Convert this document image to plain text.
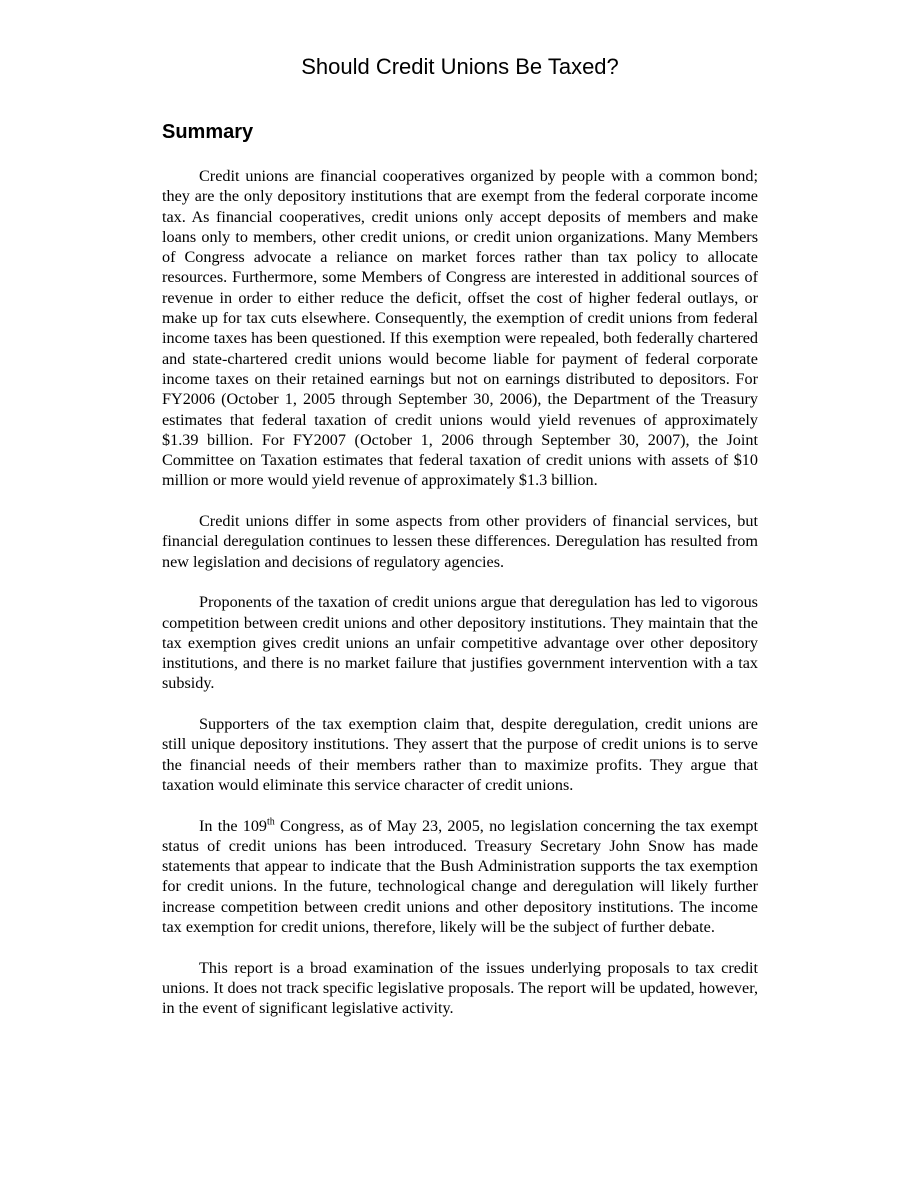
Should Credit Unions Be Taxed?
Summary

Credit unions are financial cooperatives organized by people with a common bond; they are the only depository institutions that are exempt from the federal corporate income tax. As financial cooperatives, credit unions only accept deposits of members and make loans only to members, other credit unions, or credit union organizations. Many Members of Congress advocate a reliance on market forces rather than tax policy to allocate resources. Furthermore, some Members of Congress are interested in additional sources of revenue in order to either reduce the deficit, offset the cost of higher federal outlays, or make up for tax cuts elsewhere. Consequently, the exemption of credit unions from federal income taxes has been questioned. If this exemption were repealed, both federally chartered and state-chartered credit unions would become liable for payment of federal corporate income taxes on their retained earnings but not on earnings distributed to depositors. For FY2006 (October 1, 2005 through September 30, 2006), the Department of the Treasury estimates that federal taxation of credit unions would yield revenues of approximately $1.39 billion. For FY2007 (October 1, 2006 through September 30, 2007), the Joint Committee on Taxation estimates that federal taxation of credit unions with assets of $10 million or more would yield revenue of approximately $1.3 billion.

Credit unions differ in some aspects from other providers of financial services, but financial deregulation continues to lessen these differences. Deregulation has resulted from new legislation and decisions of regulatory agencies.

Proponents of the taxation of credit unions argue that deregulation has led to vigorous competition between credit unions and other depository institutions. They maintain that the tax exemption gives credit unions an unfair competitive advantage over other depository institutions, and there is no market failure that justifies government intervention with a tax subsidy.

Supporters of the tax exemption claim that, despite deregulation, credit unions are still unique depository institutions. They assert that the purpose of credit unions is to serve the financial needs of their members rather than to maximize profits. They argue that taxation would eliminate this service character of credit unions.

In the 109th Congress, as of May 23, 2005, no legislation concerning the tax exempt status of credit unions has been introduced. Treasury Secretary John Snow has made statements that appear to indicate that the Bush Administration supports the tax exemption for credit unions. In the future, technological change and deregulation will likely further increase competition between credit unions and other depository institutions. The income tax exemption for credit unions, therefore, likely will be the subject of further debate.

This report is a broad examination of the issues underlying proposals to tax credit unions. It does not track specific legislative proposals. The report will be updated, however, in the event of significant legislative activity.
